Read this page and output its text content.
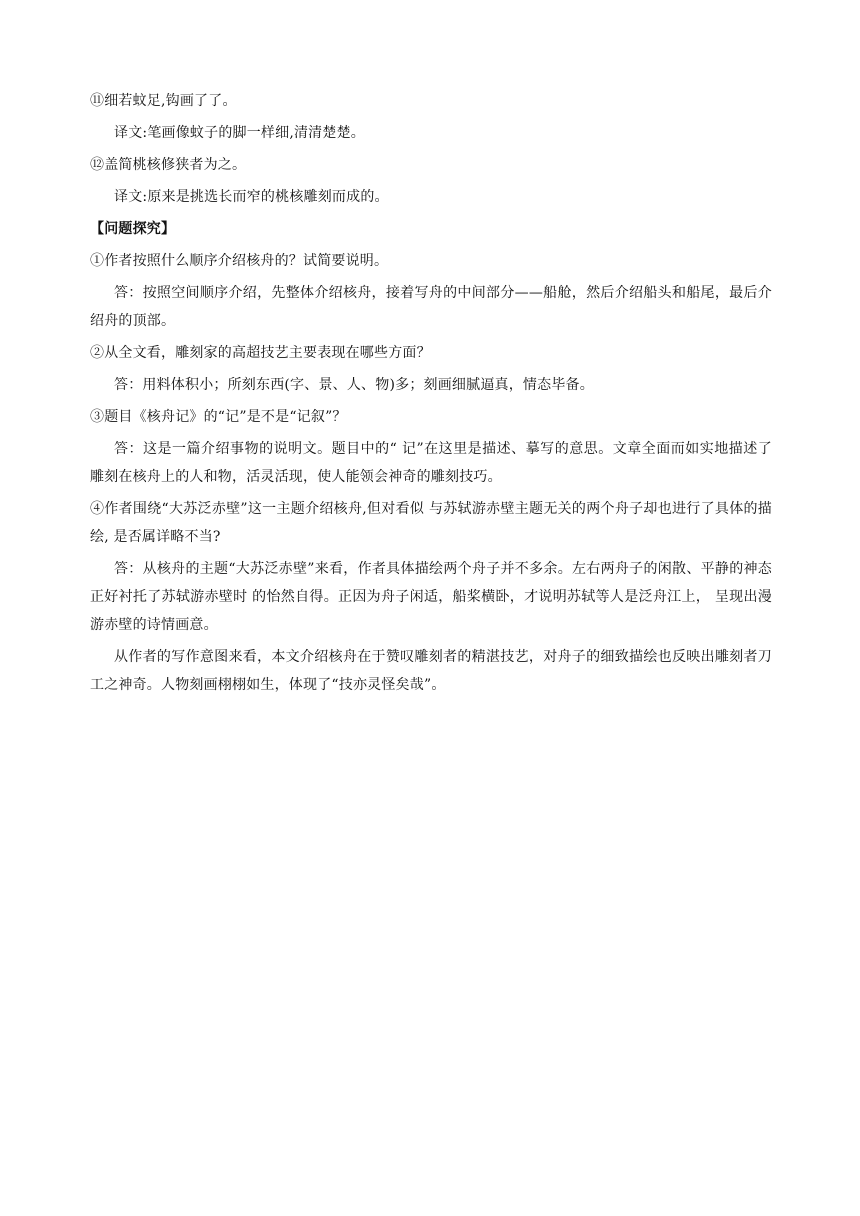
⑪细若蚊足,钩画了了。

译文:笔画像蚊子的脚一样细,清清楚楚。

⑫盖简桃核修狭者为之。

译文:原来是挑选长而窄的桃核雕刻而成的。

【问题探究】

①作者按照什么顺序介绍核舟的？试简要说明。

答：按照空间顺序介绍，先整体介绍核舟，接着写舟的中间部分——船舱，然后介绍船头和船尾，最后介绍舟的顶部。

②从全文看，雕刻家的高超技艺主要表现在哪些方面？

答：用料体积小；所刻东西(字、景、人、物)多；刻画细腻逼真，情态毕备。

③题目《核舟记》的“记”是不是“记叙”？

答：这是一篇介绍事物的说明文。题目中的“ 记”在这里是描述、摹写的意思。文章全面而如实地描述了雕刻在核舟上的人和物，活灵活现，使人能领会神奇的雕刻技巧。

④作者围绕“大苏泛赤壁”这一主题介绍核舟,但对看似 与苏轼游赤壁主题无关的两个舟子却也进行了具体的描绘, 是否属详略不当?

答：从核舟的主题“大苏泛赤壁”来看，作者具体描绘两个舟子并不多余。左右两舟子的闲散、平静的神态正好衬托了苏轼游赤壁时 的怡然自得。正因为舟子闲适，船桨横卧，才说明苏轼等人是泛舟江上， 呈现出漫游赤壁的诗情画意。

从作者的写作意图来看，本文介绍核舟在于赞叹雕刻者的精湛技艺，对舟子的细致描绘也反映出雕刻者刀工之神奇。人物刻画栩栩如生，体现了“技亦灵怪矣哉”。
